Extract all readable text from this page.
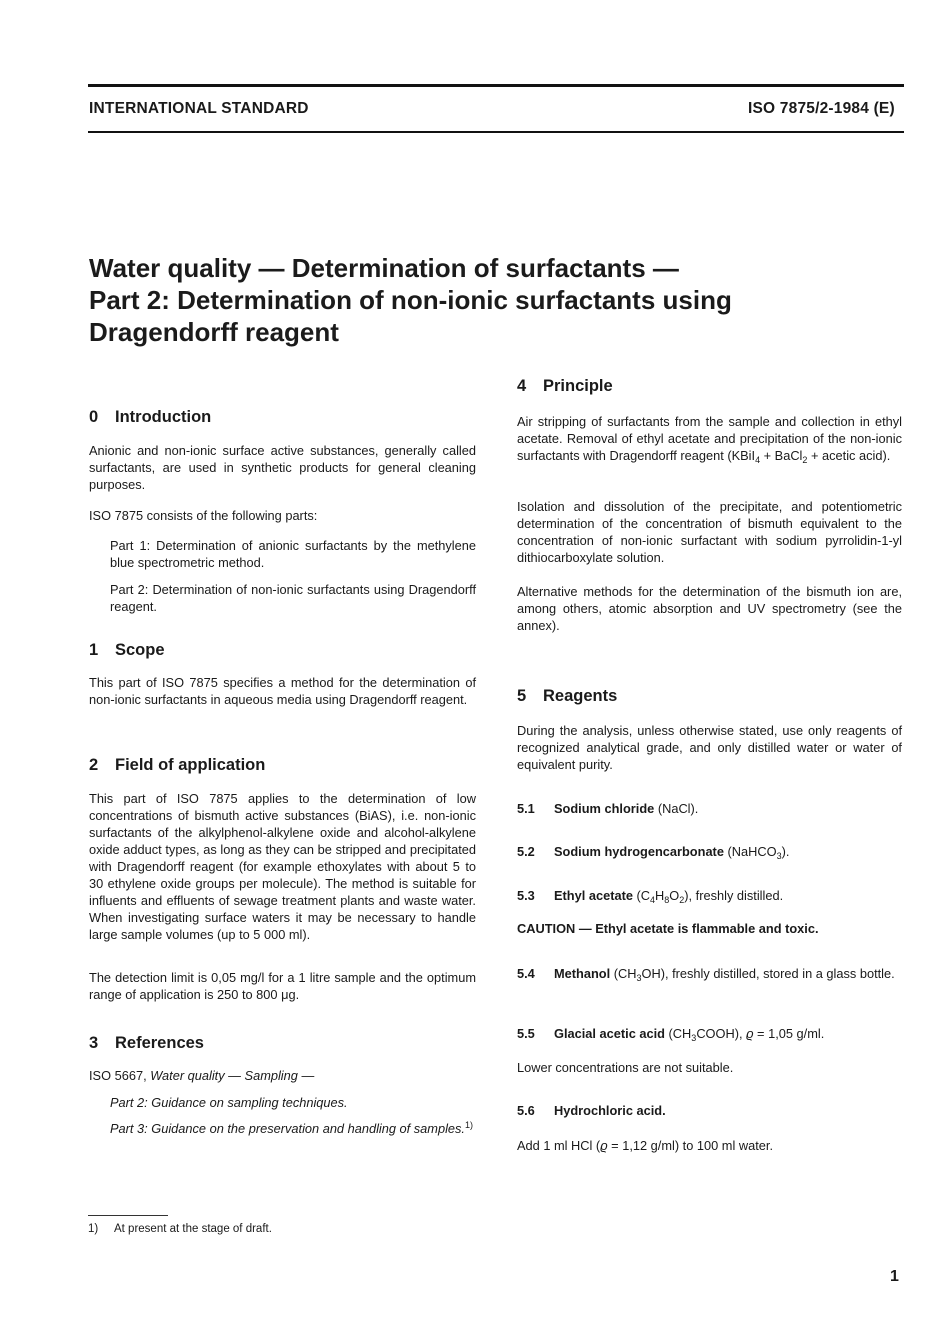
INTERNATIONAL STANDARD	ISO 7875/2-1984 (E)
Water quality — Determination of surfactants —
Part 2: Determination of non-ionic surfactants using
Dragendorff reagent
0 Introduction
Anionic and non-ionic surface active substances, generally called surfactants, are used in synthetic products for general cleaning purposes.
ISO 7875 consists of the following parts:
Part 1: Determination of anionic surfactants by the methylene blue spectrometric method.
Part 2: Determination of non-ionic surfactants using Dragendorff reagent.
1 Scope
This part of ISO 7875 specifies a method for the determination of non-ionic surfactants in aqueous media using Dragendorff reagent.
2 Field of application
This part of ISO 7875 applies to the determination of low concentrations of bismuth active substances (BiAS), i.e. non-ionic surfactants of the alkylphenol-alkylene oxide and alcohol-alkylene oxide adduct types, as long as they can be stripped and precipitated with Dragendorff reagent (for example ethoxylates with about 5 to 30 ethylene oxide groups per molecule). The method is suitable for influents and effluents of sewage treatment plants and waste water. When investigating surface waters it may be necessary to handle large sample volumes (up to 5 000 ml).
The detection limit is 0,05 mg/l for a 1 litre sample and the optimum range of application is 250 to 800 μg.
3 References
ISO 5667, Water quality — Sampling —
Part 2: Guidance on sampling techniques.
Part 3: Guidance on the preservation and handling of samples.$^{1)}$
4 Principle
Air stripping of surfactants from the sample and collection in ethyl acetate. Removal of ethyl acetate and precipitation of the non-ionic surfactants with Dragendorff reagent (KBiI$_4$ + BaCl$_2$ + acetic acid).
Isolation and dissolution of the precipitate, and potentiometric determination of the concentration of bismuth equivalent to the concentration of non-ionic surfactant with sodium pyrrolidin-1-yl dithiocarboxylate solution.
Alternative methods for the determination of the bismuth ion are, among others, atomic absorption and UV spectrometry (see the annex).
5 Reagents
During the analysis, unless otherwise stated, use only reagents of recognized analytical grade, and only distilled water or water of equivalent purity.
5.1 Sodium chloride (NaCl).
5.2 Sodium hydrogencarbonate (NaHCO$_3$).
5.3 Ethyl acetate $(C_4H_8O_2)$, freshly distilled.
CAUTION — Ethyl acetate is flammable and toxic.
5.4 Methanol $(CH_3OH)$, freshly distilled, stored in a glass bottle.
5.5 Glacial acetic acid $(CH_3COOH)$, ϱ = 1,05 g/ml.
Lower concentrations are not suitable.
5.6 Hydrochloric acid.
Add 1 ml HCl (ϱ = 1,12 g/ml) to 100 ml water.
1) At present at the stage of draft.
1
